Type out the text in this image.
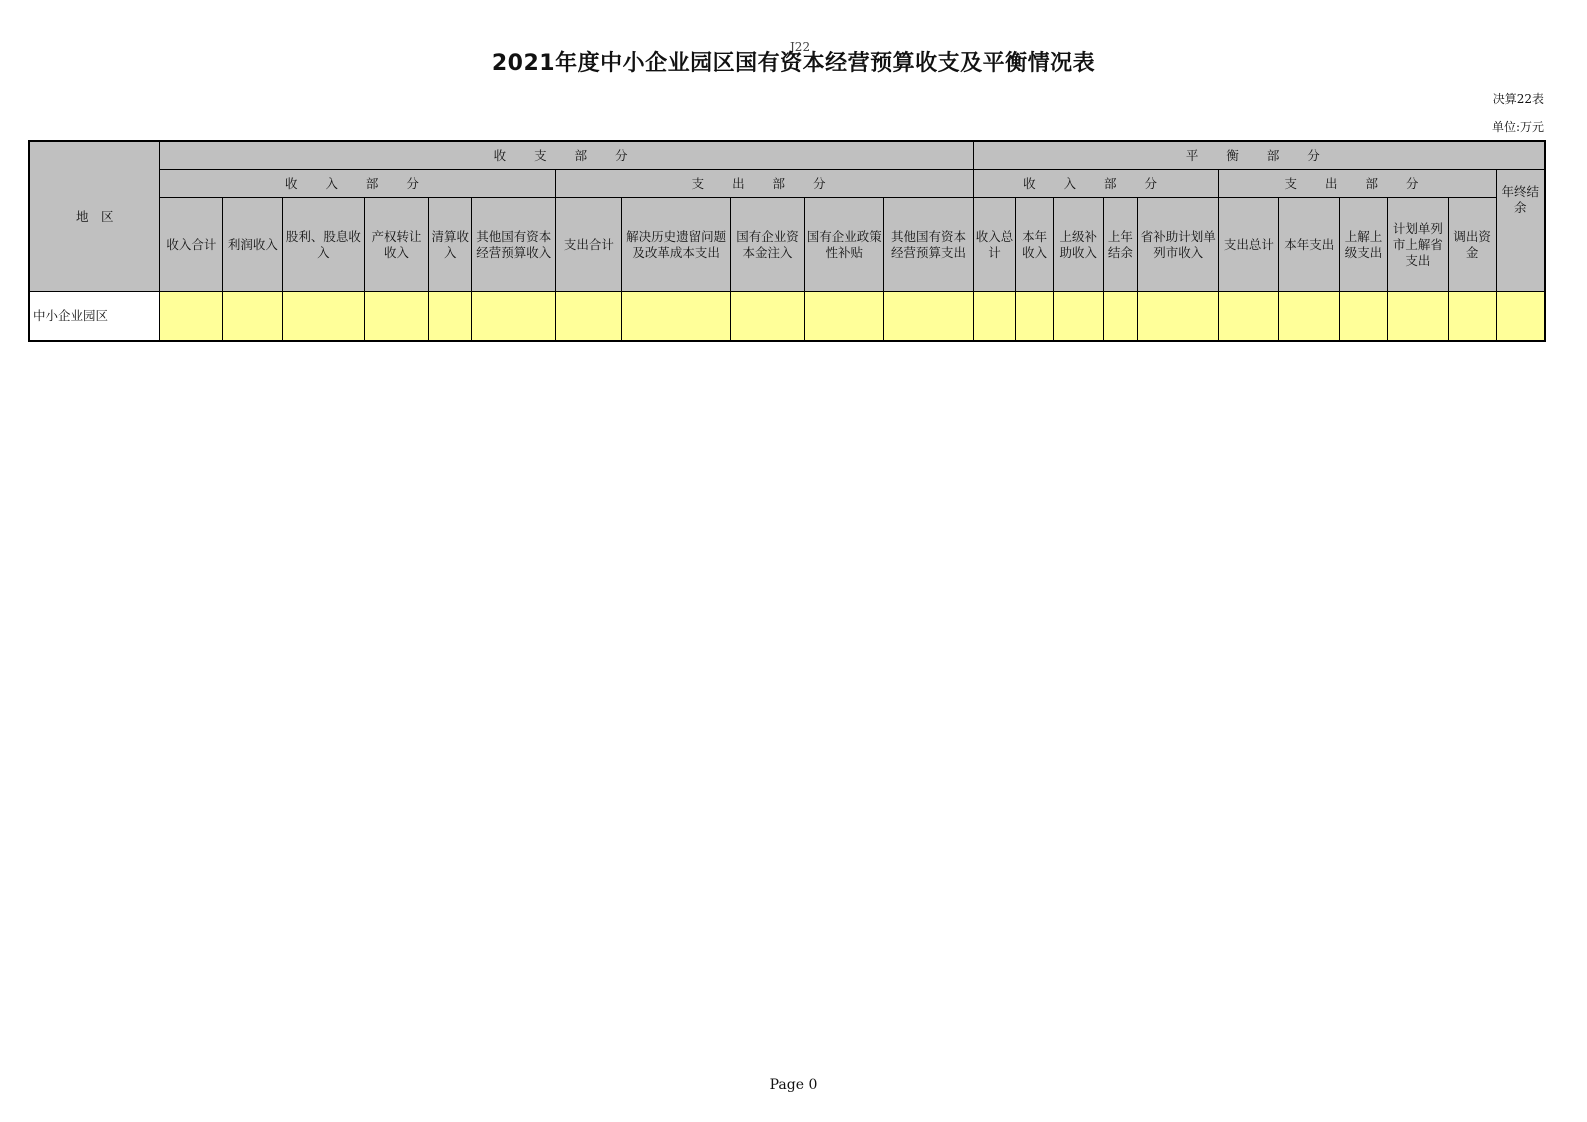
J22
2021年度中小企业园区国有资本经营预算收支及平衡情况表
决算22表
单位:万元
地　区	收 支 部 分											平 衡 部 分										
	收 入 部 分						支 出 部 分					收 入 部 分					支 出 部 分					年终结余
	收入合计	利润收入	股利、股息收入	产权转让收入	清算收入	其他国有资本经营预算收入	支出合计	解决历史遗留问题及改革成本支出	国有企业资本金注入	国有企业政策性补贴	其他国有资本经营预算支出	收入总计	本年收入	上级补助收入	上年结余	省补助计划单列市收入	支出总计	本年支出	上解上级支出	计划单列市上解省支出	调出资金	
中小企业园区																						
Page 0
